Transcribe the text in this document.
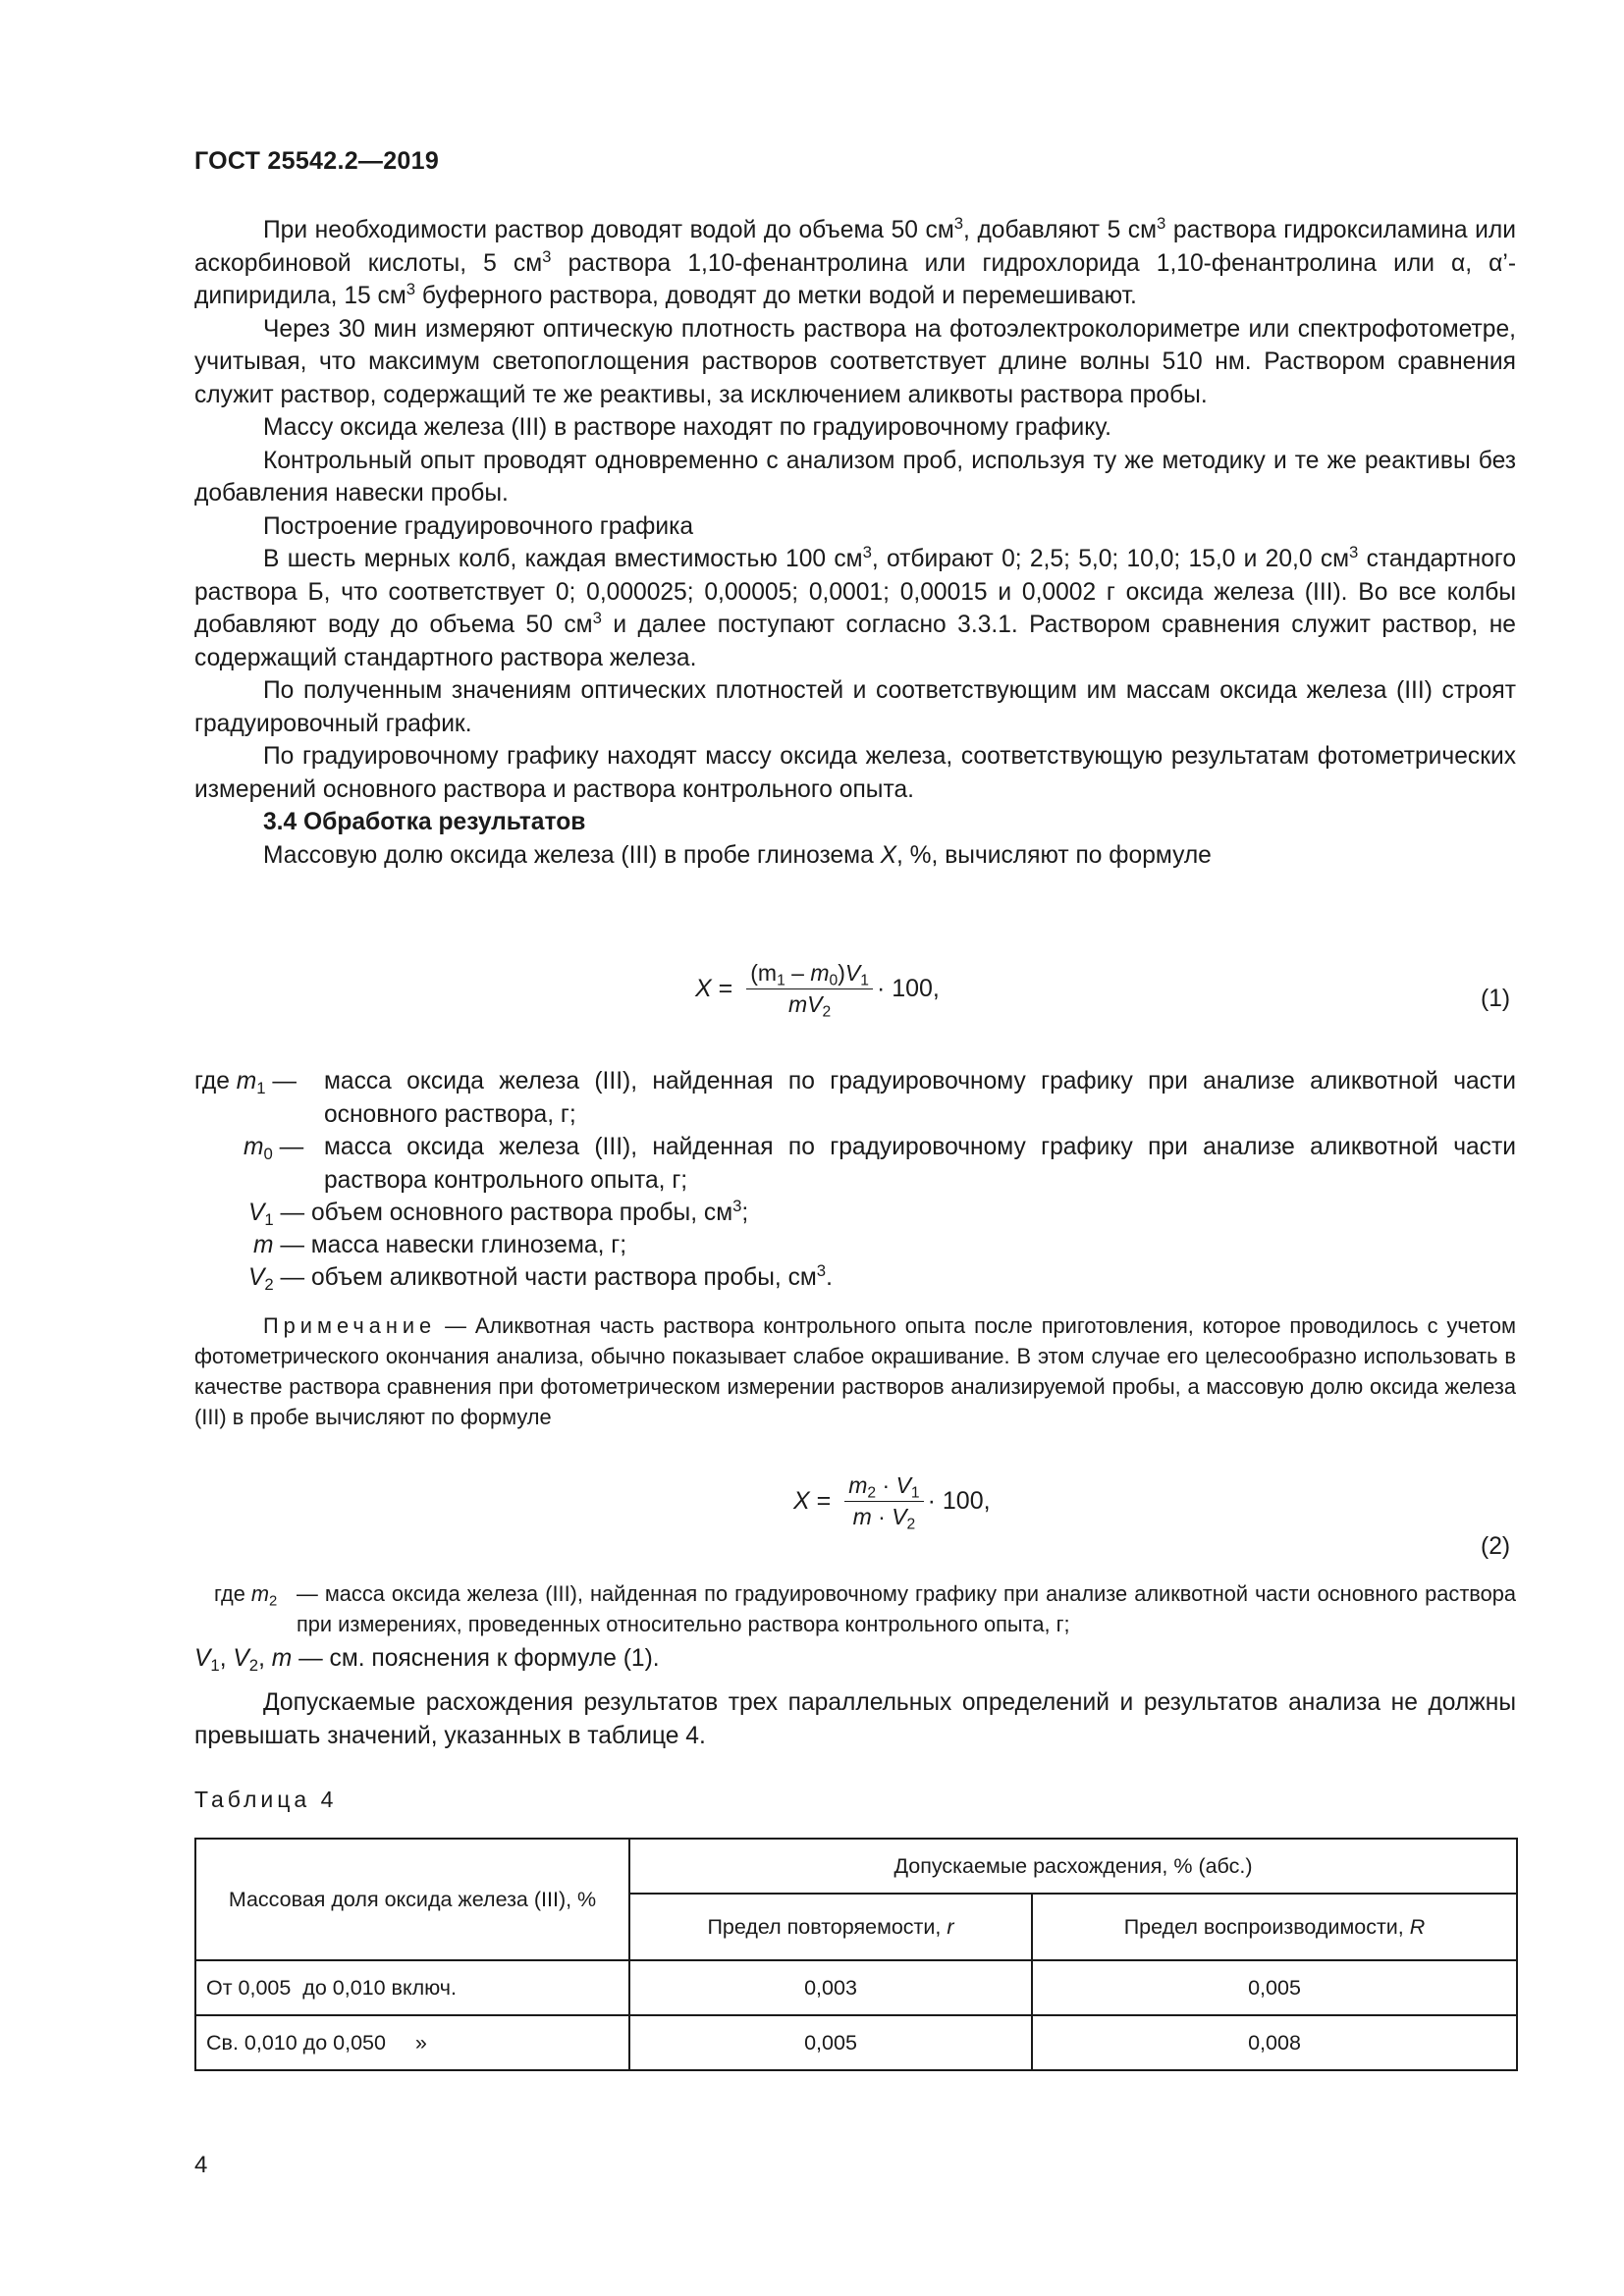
ГОСТ 25542.2—2019

При необходимости раствор доводят водой до объема 50 $см^3$, добавляют 5 $см^3$ раствора гидроксиламина или аскорбиновой кислоты, 5 $см^3$ раствора 1,10-фенантролина или гидрохлорида 1,10-фенантролина или α, α’-дипиридила, 15 $см^3$ буферного раствора, доводят до метки водой и перемешивают.

Через 30 мин измеряют оптическую плотность раствора на фотоэлектроколориметре или спектрофотометре, учитывая, что максимум светопоглощения растворов соответствует длине волны 510 нм. Раствором сравнения служит раствор, содержащий те же реактивы, за исключением аликвоты раствора пробы.

Массу оксида железа (III) в растворе находят по градуировочному графику.

Контрольный опыт проводят одновременно с анализом проб, используя ту же методику и те же реактивы без добавления навески пробы.

Построение градуировочного графика

В шесть мерных колб, каждая вместимостью 100 $см^3$, отбирают 0; 2,5; 5,0; 10,0; 15,0 и 20,0 $см^3$ стандартного раствора Б, что соответствует 0; 0,000025; 0,00005; 0,0001; 0,00015 и 0,0002 г оксида железа (III). Во все колбы добавляют воду до объема 50 $см^3$ и далее поступают согласно 3.3.1. Раствором сравнения служит раствор, не содержащий стандартного раствора железа.

По полученным значениям оптических плотностей и соответствующим им массам оксида железа (III) строят градуировочный график.

По градуировочному графику находят массу оксида железа, соответствующую результатам фотометрических измерений основного раствора и раствора контрольного опыта.

3.4 Обработка результатов

Массовую долю оксида железа (III) в пробе глинозема X, %, вычисляют по формуле

$X = \frac{(m_1 - m_0)V_1}{mV_2} \cdot 100$,	(1)
где $m_1$ — масса оксида железа (III), найденная по градуировочному графику при анализе аликвотной части основного раствора, г;
$m_0$ — масса оксида железа (III), найденная по градуировочному графику при анализе аликвотной части раствора контрольного опыта, г;
$V_1$ — объем основного раствора пробы, $см^3$;
m — масса навески глинозема, г;
$V_2$ — объем аликвотной части раствора пробы, $см^3$.

Примечание — Аликвотная часть раствора контрольного опыта после приготовления, которое проводилось с учетом фотометрического окончания анализа, обычно показывает слабое окрашивание. В этом случае его целесообразно использовать в качестве раствора сравнения при фотометрическом измерении растворов анализируемой пробы, а массовую долю оксида железа (III) в пробе вычисляют по формуле

$X = \frac{m_2 \cdot V_1}{m \cdot V_2} \cdot 100$,
(2)
где $m_2$ — масса оксида железа (III), найденная по градуировочному графику при анализе аликвотной части основного раствора при измерениях, проведенных относительно раствора контрольного опыта, г;
$V_1$, $V_2$, m — см. пояснения к формуле (1).

Допускаемые расхождения результатов трех параллельных определений и результатов анализа не должны превышать значений, указанных в таблице 4.

Таблица 4
Массовая доля оксида железа (III), %	Допускаемые расхождения, % (абс.)	
	Предел повторяемости, r	Предел воспроизводимости, R
От 0,005  до 0,010 включ.	0,003	0,005
Св. 0,010 до 0,050     »	0,005	0,008
4
